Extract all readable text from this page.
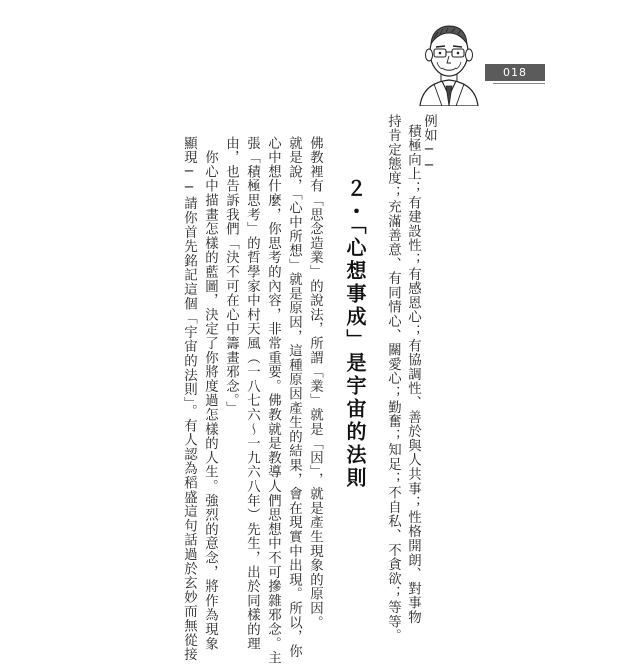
018
例如──
積極向上；有建設性；有感恩心；有協調性、善於與人共事；性格開朗、對事物
持肯定態度；充滿善意、有同情心、關愛心；勤奮；知足；不自私、不貪欲；等等。
２・「心想事成」是宇宙的法則
佛教裡有「思念造業」的說法，所謂「業」就是「因」，就是產生現象的原因。
就是說，「心中所想」就是原因，這種原因產生的結果，會在現實中出現。所以，你
心中想什麼，你思考的內容，非常重要。佛教就是教導人們思想中不可摻雜邪念。主
張「積極思考」的哲學家中村天風（一八七六～一九六八年）先生，出於同樣的理
由，也告訴我們「決不可在心中籌畫邪念。」
　你心中描畫怎樣的藍圖，決定了你將度過怎樣的人生。強烈的意念，將作為現象
顯現──請你首先銘記這個「宇宙的法則」。有人認為稻盛這句話過於玄妙而無從接
